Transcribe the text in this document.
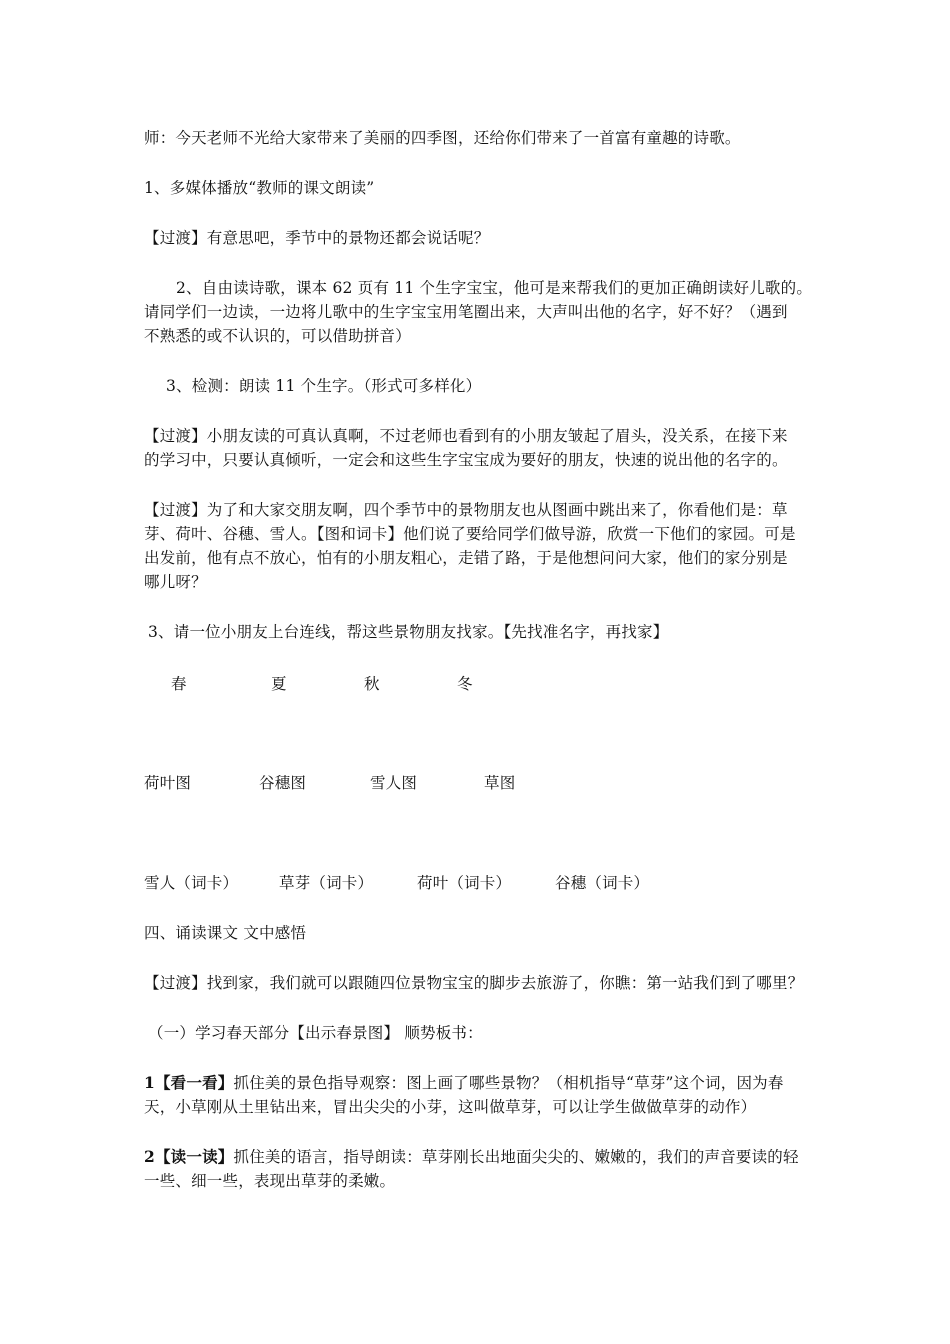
师：今天老师不光给大家带来了美丽的四季图，还给你们带来了一首富有童趣的诗歌。
1、多媒体播放“教师的课文朗读”
【过渡】有意思吧，季节中的景物还都会说话呢？
2、自由读诗歌，课本 62 页有 11 个生字宝宝，他可是来帮我们的更加正确朗读好儿歌的。
请同学们一边读，一边将儿歌中的生字宝宝用笔圈出来，大声叫出他的名字，好不好？（遇到
不熟悉的或不认识的，可以借助拼音）
3、检测：朗读 11 个生字。（形式可多样化）
【过渡】小朋友读的可真认真啊，不过老师也看到有的小朋友皱起了眉头，没关系，在接下来
的学习中，只要认真倾听，一定会和这些生字宝宝成为要好的朋友，快速的说出他的名字的。
【过渡】为了和大家交朋友啊，四个季节中的景物朋友也从图画中跳出来了，你看他们是：草
芽、荷叶、谷穗、雪人。【图和词卡】他们说了要给同学们做导游，欣赏一下他们的家园。可是
出发前，他有点不放心，怕有的小朋友粗心，走错了路，于是他想问问大家，他们的家分别是
哪儿呀？
3、请一位小朋友上台连线，帮这些景物朋友找家。【先找准名字，再找家】
春	夏	秋	冬
荷叶图	谷穗图	雪人图	草图
雪人（词卡）	草芽（词卡）	荷叶（词卡）	谷穗（词卡）
四、诵读课文 文中感悟
【过渡】找到家，我们就可以跟随四位景物宝宝的脚步去旅游了，你瞧：第一站我们到了哪里？
（一）学习春天部分【出示春景图】 顺势板书：
1【看一看】抓住美的景色指导观察：图上画了哪些景物？（相机指导“草芽”这个词，因为春
天，小草刚从土里钻出来，冒出尖尖的小芽，这叫做草芽，可以让学生做做草芽的动作）
2【读一读】抓住美的语言，指导朗读：草芽刚长出地面尖尖的、嫩嫩的，我们的声音要读的轻
一些、细一些，表现出草芽的柔嫩。
